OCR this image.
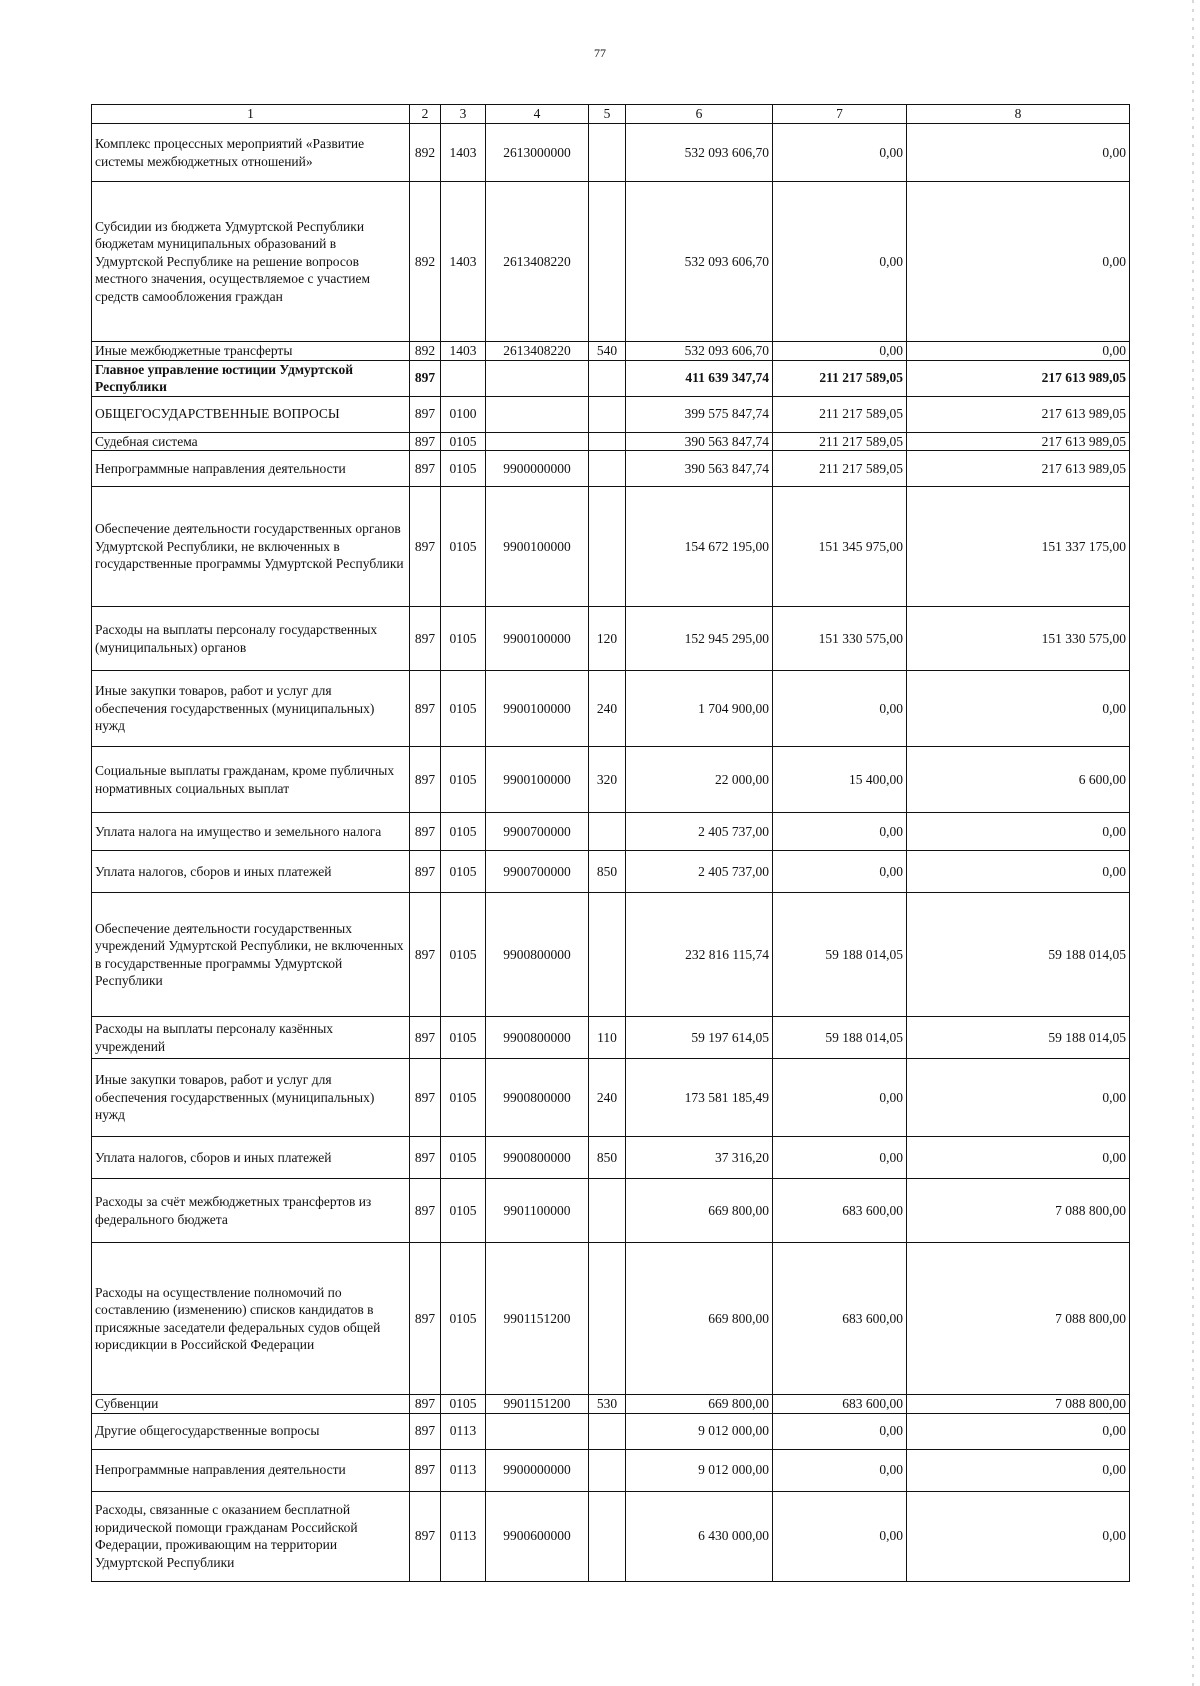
77
1	2	3	4	5	6	7	8
Комплекс процессных мероприятий «Развитие системы межбюджетных отношений»	892	1403	2613000000		532 093 606,70	0,00	0,00
Субсидии из бюджета Удмуртской Республики бюджетам муниципальных образований в Удмуртской Республике на решение вопросов местного значения, осуществляемое с участием средств самообложения граждан	892	1403	2613408220		532 093 606,70	0,00	0,00
Иные межбюджетные трансферты	892	1403	2613408220	540	532 093 606,70	0,00	0,00
Главное управление юстиции Удмуртской Республики	897				411 639 347,74	211 217 589,05	217 613 989,05
ОБЩЕГОСУДАРСТВЕННЫЕ ВОПРОСЫ	897	0100			399 575 847,74	211 217 589,05	217 613 989,05
Судебная система	897	0105			390 563 847,74	211 217 589,05	217 613 989,05
Непрограммные направления деятельности	897	0105	9900000000		390 563 847,74	211 217 589,05	217 613 989,05
Обеспечение деятельности государственных органов Удмуртской Республики, не включенных в государственные программы Удмуртской Республики	897	0105	9900100000		154 672 195,00	151 345 975,00	151 337 175,00
Расходы на выплаты персоналу государственных (муниципальных) органов	897	0105	9900100000	120	152 945 295,00	151 330 575,00	151 330 575,00
Иные закупки товаров, работ и услуг для обеспечения государственных (муниципальных) нужд	897	0105	9900100000	240	1 704 900,00	0,00	0,00
Социальные выплаты гражданам, кроме публичных нормативных социальных выплат	897	0105	9900100000	320	22 000,00	15 400,00	6 600,00
Уплата налога на имущество и земельного налога	897	0105	9900700000		2 405 737,00	0,00	0,00
Уплата налогов, сборов и иных платежей	897	0105	9900700000	850	2 405 737,00	0,00	0,00
Обеспечение деятельности государственных учреждений Удмуртской Республики, не включенных в государственные программы Удмуртской Республики	897	0105	9900800000		232 816 115,74	59 188 014,05	59 188 014,05
Расходы на выплаты персоналу казённых учреждений	897	0105	9900800000	110	59 197 614,05	59 188 014,05	59 188 014,05
Иные закупки товаров, работ и услуг для обеспечения государственных (муниципальных) нужд	897	0105	9900800000	240	173 581 185,49	0,00	0,00
Уплата налогов, сборов и иных платежей	897	0105	9900800000	850	37 316,20	0,00	0,00
Расходы за счёт межбюджетных трансфертов из федерального бюджета	897	0105	9901100000		669 800,00	683 600,00	7 088 800,00
Расходы на осуществление полномочий по составлению (изменению) списков кандидатов в присяжные заседатели федеральных судов общей юрисдикции в Российской Федерации	897	0105	9901151200		669 800,00	683 600,00	7 088 800,00
Субвенции	897	0105	9901151200	530	669 800,00	683 600,00	7 088 800,00
Другие общегосударственные вопросы	897	0113			9 012 000,00	0,00	0,00
Непрограммные направления деятельности	897	0113	9900000000		9 012 000,00	0,00	0,00
Расходы, связанные с оказанием бесплатной юридической помощи гражданам Российской Федерации, проживающим на территории Удмуртской Республики	897	0113	9900600000		6 430 000,00	0,00	0,00
